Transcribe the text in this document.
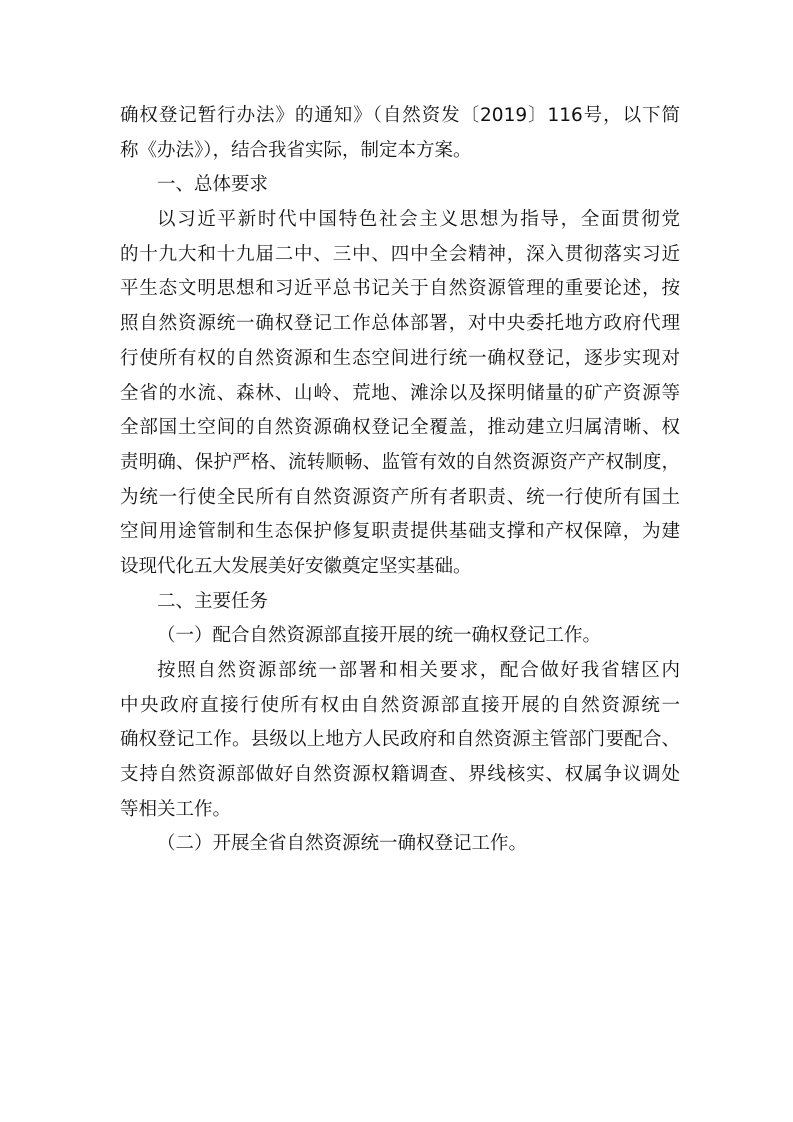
确权登记暂行办法》的通知》（自然资发〔2019〕116号，以下简
称《办法》），结合我省实际，制定本方案。
一、总体要求
以习近平新时代中国特色社会主义思想为指导，全面贯彻党
的十九大和十九届二中、三中、四中全会精神，深入贯彻落实习近
平生态文明思想和习近平总书记关于自然资源管理的重要论述，按
照自然资源统一确权登记工作总体部署，对中央委托地方政府代理
行使所有权的自然资源和生态空间进行统一确权登记，逐步实现对
全省的水流、森林、山岭、荒地、滩涂以及探明储量的矿产资源等
全部国土空间的自然资源确权登记全覆盖，推动建立归属清晰、权
责明确、保护严格、流转顺畅、监管有效的自然资源资产产权制度，
为统一行使全民所有自然资源资产所有者职责、统一行使所有国土
空间用途管制和生态保护修复职责提供基础支撑和产权保障，为建
设现代化五大发展美好安徽奠定坚实基础。
二、主要任务
（一）配合自然资源部直接开展的统一确权登记工作。
按照自然资源部统一部署和相关要求，配合做好我省辖区内
中央政府直接行使所有权由自然资源部直接开展的自然资源统一
确权登记工作。县级以上地方人民政府和自然资源主管部门要配合、
支持自然资源部做好自然资源权籍调查、界线核实、权属争议调处
等相关工作。
（二）开展全省自然资源统一确权登记工作。
